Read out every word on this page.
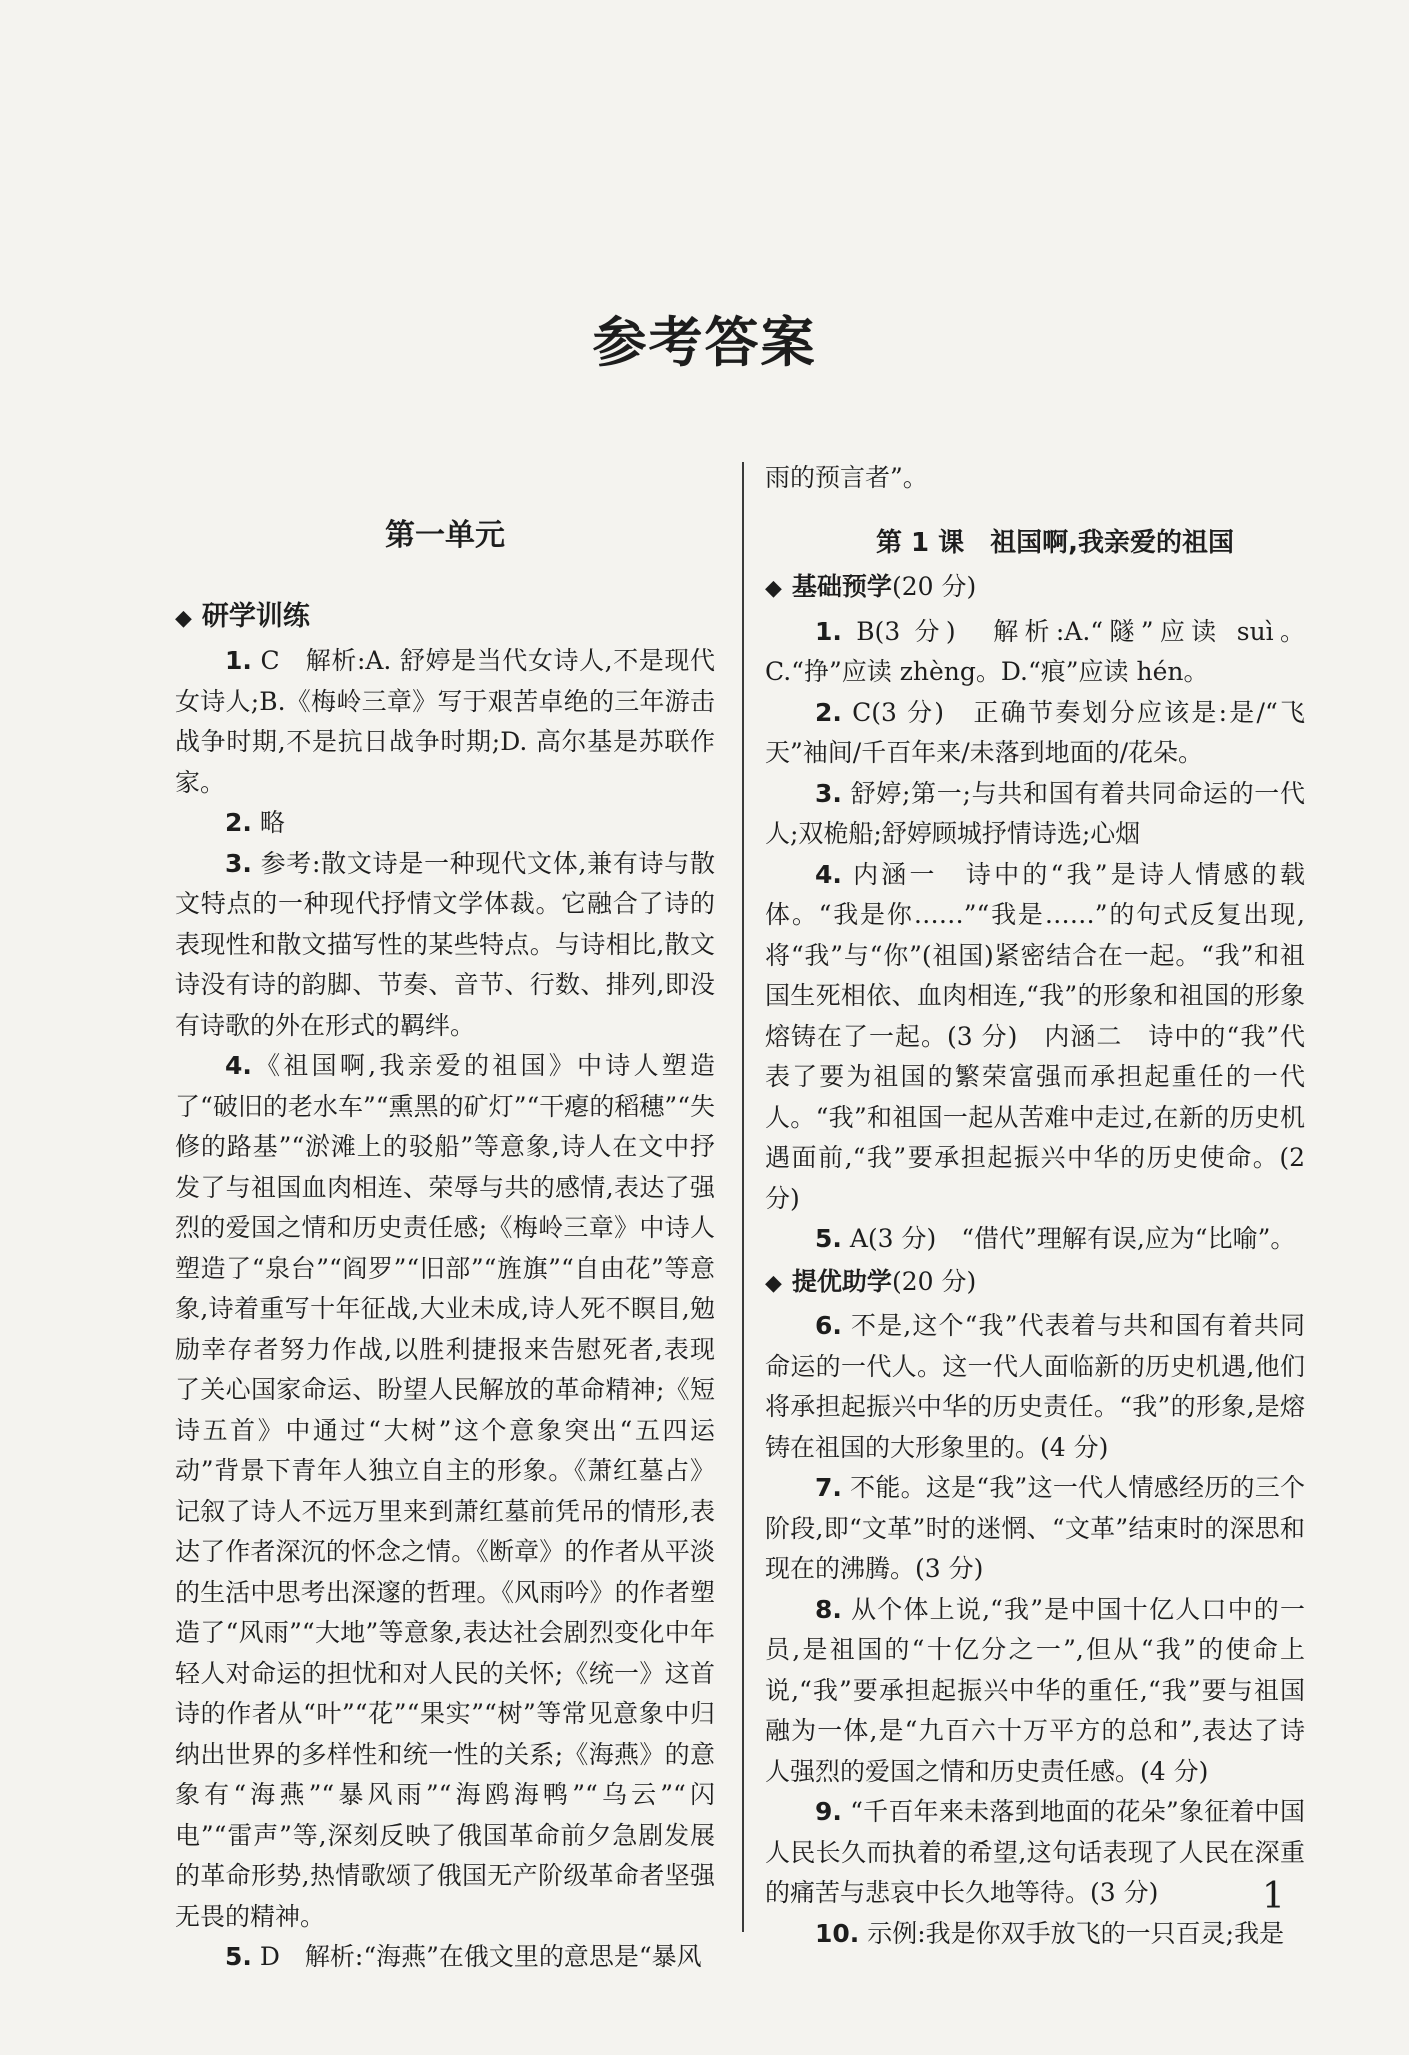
参考答案
第一单元
◆ 研学训练

1. C　解析:A. 舒婷是当代女诗人,不是现代女诗人;B.《梅岭三章》写于艰苦卓绝的三年游击战争时期,不是抗日战争时期;D. 高尔基是苏联作家。

2. 略

3. 参考:散文诗是一种现代文体,兼有诗与散文特点的一种现代抒情文学体裁。它融合了诗的表现性和散文描写性的某些特点。与诗相比,散文诗没有诗的韵脚、节奏、音节、行数、排列,即没有诗歌的外在形式的羁绊。

4.《祖国啊,我亲爱的祖国》中诗人塑造了“破旧的老水车”“熏黑的矿灯”“干瘪的稻穗”“失修的路基”“淤滩上的驳船”等意象,诗人在文中抒发了与祖国血肉相连、荣辱与共的感情,表达了强烈的爱国之情和历史责任感;《梅岭三章》中诗人塑造了“泉台”“阎罗”“旧部”“旌旗”“自由花”等意象,诗着重写十年征战,大业未成,诗人死不瞑目,勉励幸存者努力作战,以胜利捷报来告慰死者,表现了关心国家命运、盼望人民解放的革命精神;《短诗五首》中通过“大树”这个意象突出“五四运动”背景下青年人独立自主的形象。《萧红墓占》记叙了诗人不远万里来到萧红墓前凭吊的情形,表达了作者深沉的怀念之情。《断章》的作者从平淡的生活中思考出深邃的哲理。《风雨吟》的作者塑造了“风雨”“大地”等意象,表达社会剧烈变化中年轻人对命运的担忧和对人民的关怀;《统一》这首诗的作者从“叶”“花”“果实”“树”等常见意象中归纳出世界的多样性和统一性的关系;《海燕》的意象有“海燕”“暴风雨”“海鸥海鸭”“乌云”“闪电”“雷声”等,深刻反映了俄国革命前夕急剧发展的革命形势,热情歌颂了俄国无产阶级革命者坚强无畏的精神。

5. D　解析:“海燕”在俄文里的意思是“暴风

雨的预言者”。

第 1 课　祖国啊,我亲爱的祖国
◆ 基础预学(20 分)

1. B(3 分)　解析:A.“隧”应读 suì。C.“挣”应读 zhèng。D.“痕”应读 hén。

2. C(3 分)　正确节奏划分应该是:是/“飞天”袖间/千百年来/未落到地面的/花朵。

3. 舒婷;第一;与共和国有着共同命运的一代人;双桅船;舒婷顾城抒情诗选;心烟

4. 内涵一　诗中的“我”是诗人情感的载体。“我是你……”“我是……”的句式反复出现,将“我”与“你”(祖国)紧密结合在一起。“我”和祖国生死相依、血肉相连,“我”的形象和祖国的形象熔铸在了一起。(3 分)　内涵二　诗中的“我”代表了要为祖国的繁荣富强而承担起重任的一代人。“我”和祖国一起从苦难中走过,在新的历史机遇面前,“我”要承担起振兴中华的历史使命。(2 分)

5. A(3 分)　“借代”理解有误,应为“比喻”。

◆ 提优助学(20 分)

6. 不是,这个“我”代表着与共和国有着共同命运的一代人。这一代人面临新的历史机遇,他们将承担起振兴中华的历史责任。“我”的形象,是熔铸在祖国的大形象里的。(4 分)

7. 不能。这是“我”这一代人情感经历的三个阶段,即“文革”时的迷惘、“文革”结束时的深思和现在的沸腾。(3 分)

8. 从个体上说,“我”是中国十亿人口中的一员,是祖国的“十亿分之一”,但从“我”的使命上说,“我”要承担起振兴中华的重任,“我”要与祖国融为一体,是“九百六十万平方的总和”,表达了诗人强烈的爱国之情和历史责任感。(4 分)

9. “千百年来未落到地面的花朵”象征着中国人民长久而执着的希望,这句话表现了人民在深重的痛苦与悲哀中长久地等待。(3 分)

10. 示例:我是你双手放飞的一只百灵;我是

1
